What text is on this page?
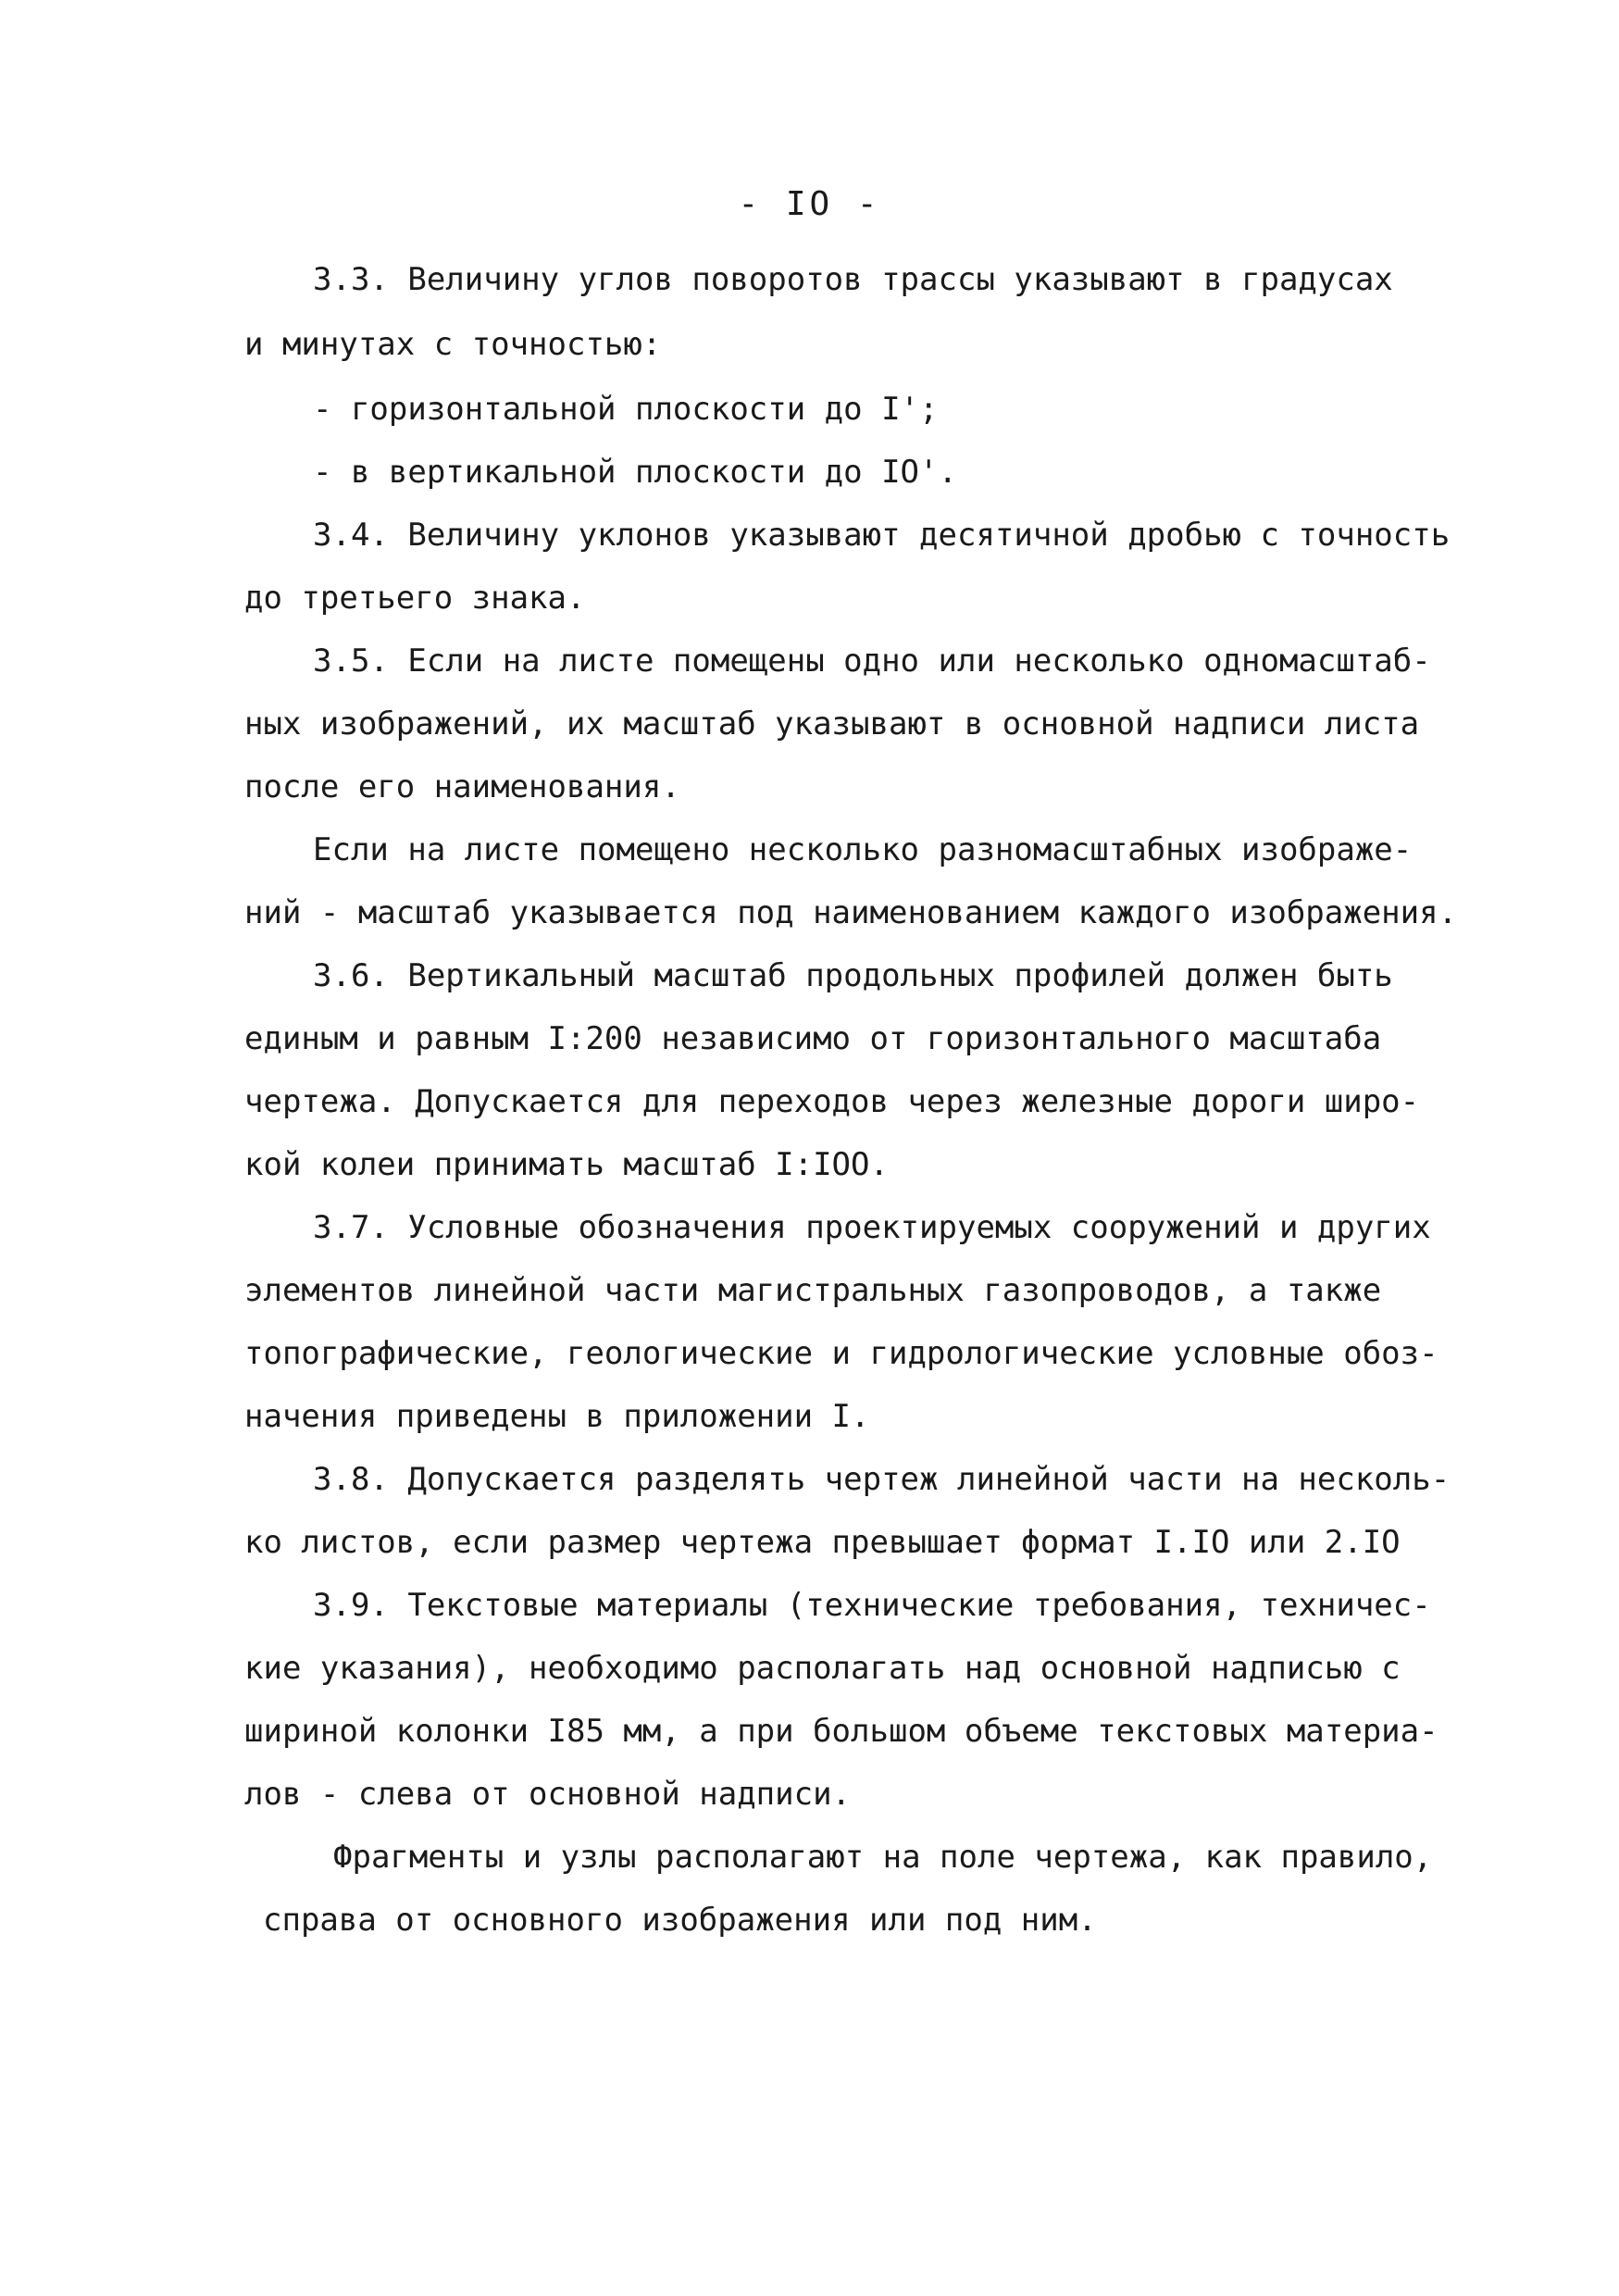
- IO -
3.3. Величину углов поворотов трассы указывают в градусах
и минутах с точностью:
- горизонтальной плоскости до I';
- в вертикальной плоскости до IO'.
3.4. Величину уклонов указывают десятичной дробью с точность
до третьего знака.
3.5. Если на листе помещены одно или несколько одномасштаб-
ных изображений, их масштаб указывают в основной надписи листа
после его наименования.
Если на листе помещено несколько разномасштабных изображе-
ний - масштаб указывается под наименованием каждого изображения.
3.6. Вертикальный масштаб продольных профилей должен быть
единым и равным I:200 независимо от горизонтального масштаба
чертежа. Допускается для переходов через железные дороги широ-
кой колеи принимать масштаб I:IOO.
3.7. Условные обозначения проектируемых сооружений и других
элементов линейной части магистральных газопроводов, а также
топографические, геологические и гидрологические условные обоз-
начения приведены в приложении I.
3.8. Допускается разделять чертеж линейной части на несколь-
ко листов, если размер чертежа превышает формат I.IO или 2.IO
3.9. Текстовые материалы (технические требования, техничес-
кие указания), необходимо располагать над основной надписью с
шириной колонки I85 мм, а при большом объеме текстовых материа-
лов - слева от основной надписи.
Фрагменты и узлы располагают на поле чертежа, как правило,
справа от основного изображения или под ним.
